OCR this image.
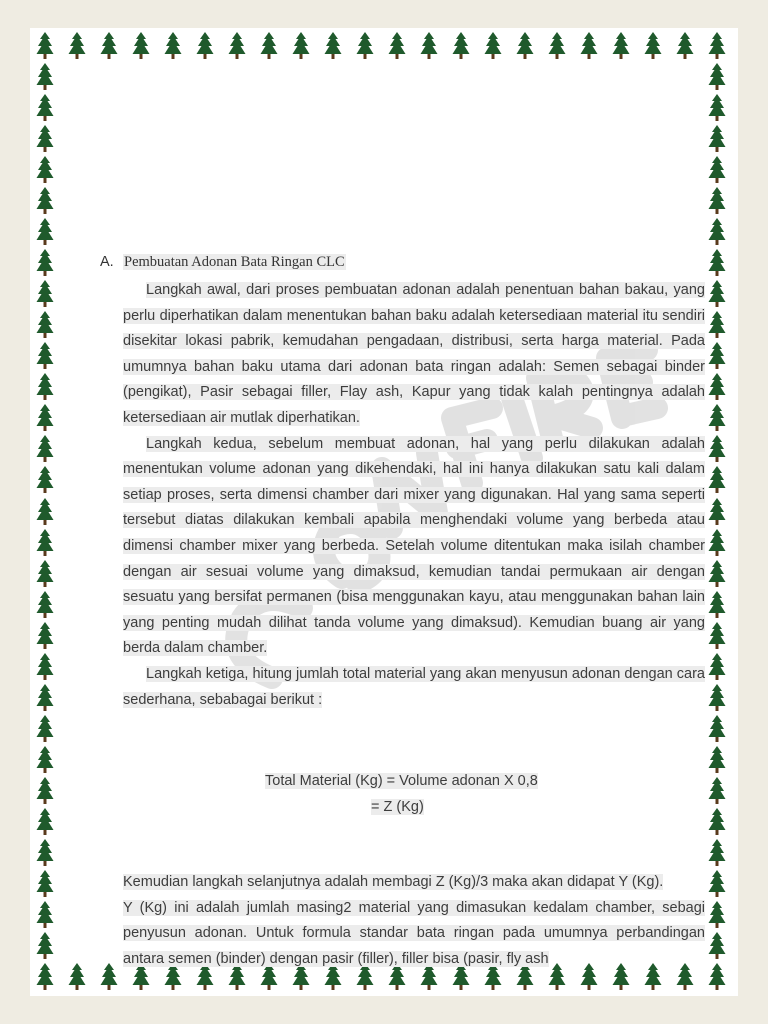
A. Pembuatan Adonan Bata Ringan CLC

Langkah awal, dari proses pembuatan adonan adalah penentuan bahan bakau, yang perlu diperhatikan dalam menentukan bahan baku adalah ketersediaan material itu sendiri disekitar lokasi pabrik, kemudahan pengadaan, distribusi, serta harga material. Pada umumnya bahan baku utama dari adonan bata ringan adalah: Semen sebagai binder (pengikat), Pasir sebagai filler, Flay ash, Kapur yang tidak kalah pentingnya adalah ketersediaan air mutlak diperhatikan.

Langkah kedua, sebelum membuat adonan, hal yang perlu dilakukan adalah menentukan volume adonan yang dikehendaki, hal ini hanya dilakukan satu kali dalam setiap proses, serta dimensi chamber dari mixer yang digunakan. Hal yang sama seperti tersebut diatas dilakukan kembali apabila menghendaki volume yang berbeda atau dimensi chamber mixer yang berbeda. Setelah volume ditentukan maka isilah chamber dengan air sesuai volume yang dimaksud, kemudian tandai permukaan air dengan sesuatu yang bersifat permanen (bisa menggunakan kayu, atau menggunakan bahan lain yang penting mudah dilihat tanda volume yang dimaksud). Kemudian buang air yang berda dalam chamber.

Langkah ketiga, hitung jumlah total material yang akan menyusun adonan dengan cara sederhana, sebabagai berikut :

Total Material (Kg) = Volume adonan X 0,8
= Z (Kg)

Kemudian langkah selanjutnya adalah membagi Z (Kg)/3 maka akan didapat Y (Kg).

Y (Kg) ini adalah jumlah masing2 material yang dimasukan kedalam chamber, sebagi penyusun adonan. Untuk formula standar bata ringan pada umumnya perbandingan antara semen (binder) dengan pasir (filler), filler bisa (pasir, fly ash
